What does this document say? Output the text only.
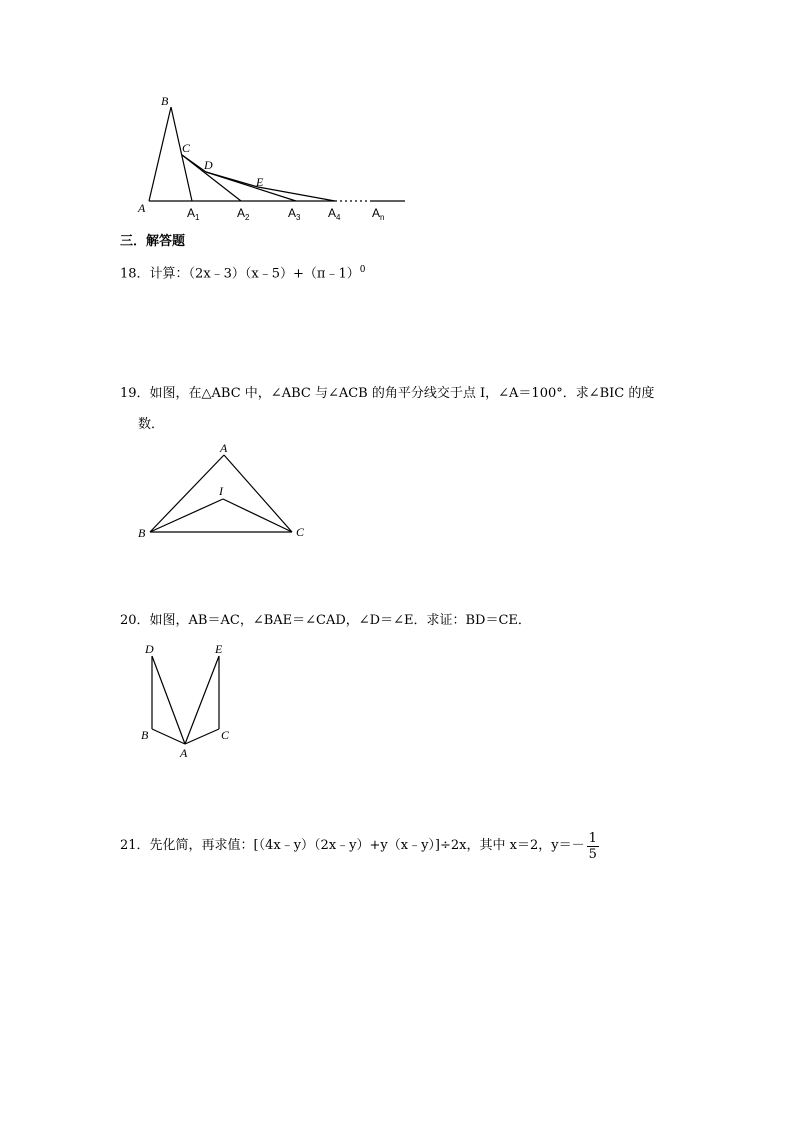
B
C
D
E
A	$A_1$	$A_2$	$A_3$ $A_4$	$A_n$
三．解答题
18．计算：（2x﹣3）（x﹣5）+（π﹣1）$^0$
19．如图，在△ABC 中，∠ABC 与∠ACB 的角平分线交于点 I，∠A＝100°．求∠BIC 的度
数．
A
I
B	C
20．如图，AB＝AC，∠BAE＝∠CAD，∠D＝∠E．求证：BD＝CE．
D	E
B	C
A
21．先化简，再求值：[（4x﹣y）（2x﹣y）+y（x﹣y）]÷2x，其中 x＝2，$y=- \frac{1}{5}$
